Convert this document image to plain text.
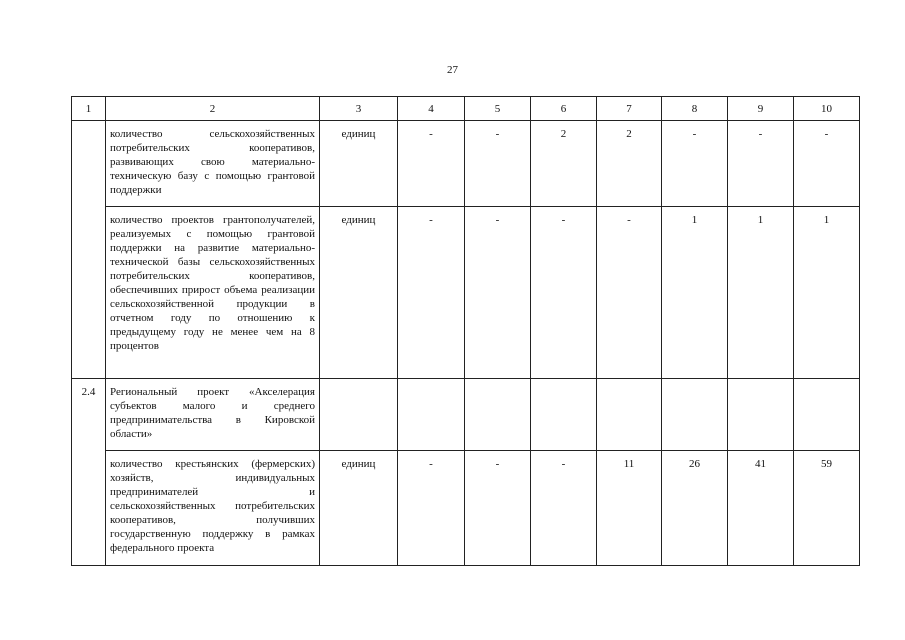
27
1	2	3	4	5	6	7	8	9	10
	количество сельскохозяйственных потребительских кооперативов, развивающих свою материально-техническую базу с помощью грантовой поддержки	единиц	-	-	2	2	-	-	-
	количество проектов грантополучателей, реализуемых с помощью грантовой поддержки на развитие материально-технической базы сельскохозяйственных потребительских кооперативов, обеспечивших прирост объема реализации сельскохозяйственной продукции в отчетном году по отношению к предыдущему году не менее чем на 8 процентов	единиц	-	-	-	-	1	1	1
2.4	Региональный проект «Акселерация субъектов малого и среднего предпринимательства в Кировской области»								
	количество крестьянских (фермерских) хозяйств, индивидуальных предпринимателей и сельскохозяйственных потребительских кооперативов, получивших государственную поддержку в рамках федерального проекта	единиц	-	-	-	11	26	41	59
